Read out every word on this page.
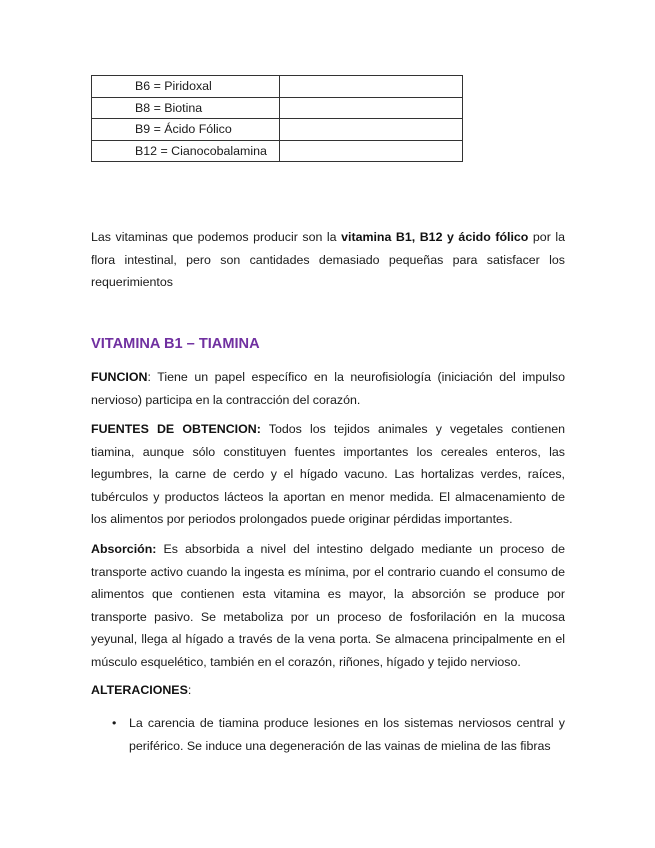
B6 = Piridoxal	
B8 = Biotina	
B9 = Ácido Fólico	
B12 = Cianocobalamina	

Las vitaminas que podemos producir son la vitamina B1, B12 y ácido fólico por la flora intestinal, pero son cantidades demasiado pequeñas para satisfacer los requerimientos

VITAMINA B1 – TIAMINA

FUNCION: Tiene un papel específico en la neurofisiología (iniciación del impulso nervioso) participa en la contracción del corazón.

FUENTES DE OBTENCION: Todos los tejidos animales y vegetales contienen tiamina, aunque sólo constituyen fuentes importantes los cereales enteros, las legumbres, la carne de cerdo y el hígado vacuno. Las hortalizas verdes, raíces, tubérculos y productos lácteos la aportan en menor medida. El almacenamiento de los alimentos por periodos prolongados puede originar pérdidas importantes.

Absorción: Es absorbida a nivel del intestino delgado mediante un proceso de transporte activo cuando la ingesta es mínima, por el contrario cuando el consumo de alimentos que contienen esta vitamina es mayor, la absorción se produce por transporte pasivo. Se metaboliza por un proceso de fosforilación en la mucosa yeyunal, llega al hígado a través de la vena porta. Se almacena principalmente en el músculo esquelético, también en el corazón, riñones, hígado y tejido nervioso.

ALTERACIONES:

• La carencia de tiamina produce lesiones en los sistemas nerviosos central y periférico. Se induce una degeneración de las vainas de mielina de las fibras
